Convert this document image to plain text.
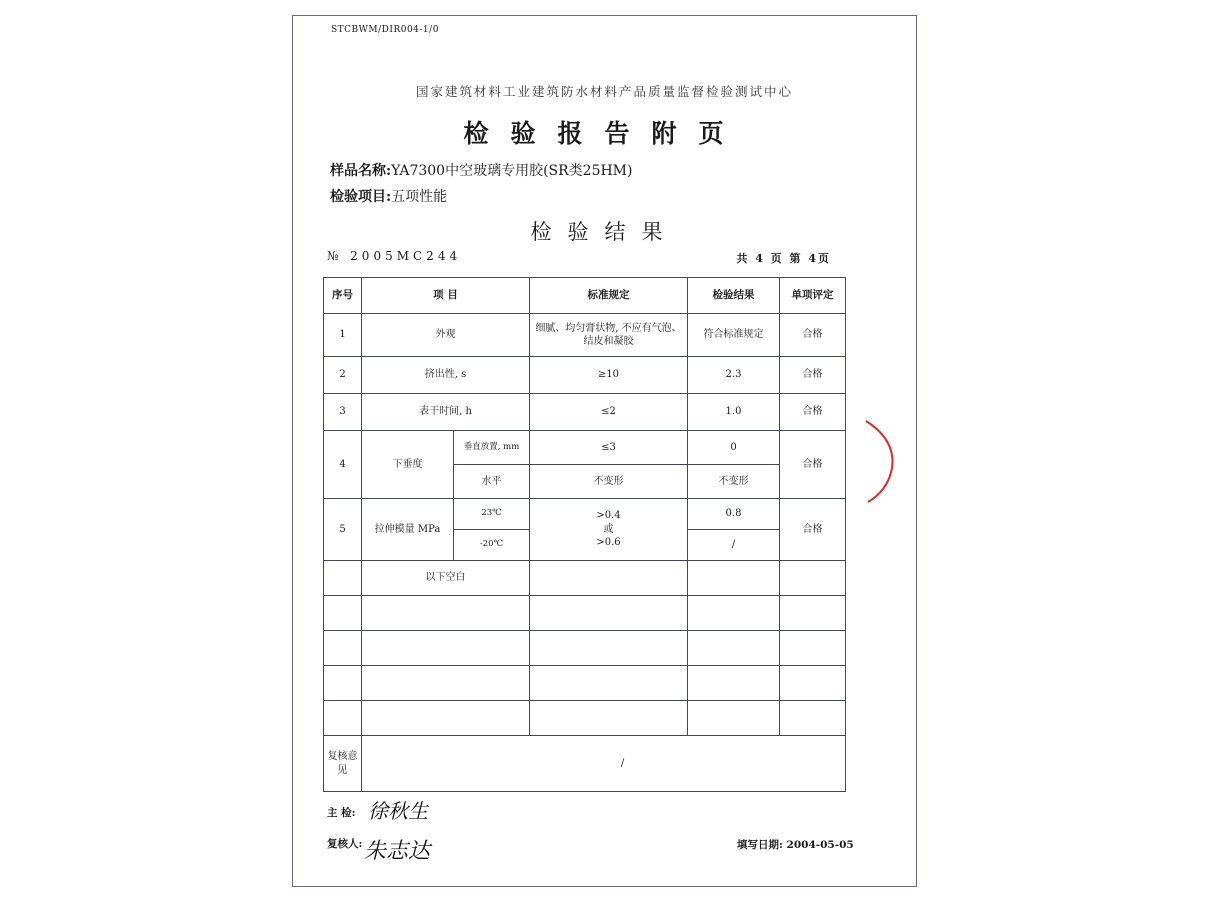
STCBWM/DIR004-1/0
国家建筑材料工业建筑防水材料产品质量监督检验测试中心
检验报告附页
样品名称:YA7300中空玻璃专用胶(SR类25HM)
检验项目:五项性能
检验结果
№ 2005MC244	共 4 页 第 4页
序号	项 目		标准规定	检验结果	单项评定
1	外观		细腻、均匀膏状物, 不应有气泡、结皮和凝胶	符合标准规定	合格
2	挤出性, s		≥10	2.3	合格
3	表干时间, h		≤2	1.0	合格
4	下垂度	垂直放置, mm	≤3	0	合格
		水平	不变形	不变形	
5	拉伸模量 MPa	23℃	>0.4
或
>0.6	0.8	合格
		-20℃		/	
	以下空白				

复核意见	/				
主 检: 徐秋生
复核人: 朱志达	填写日期: 2004-05-05
